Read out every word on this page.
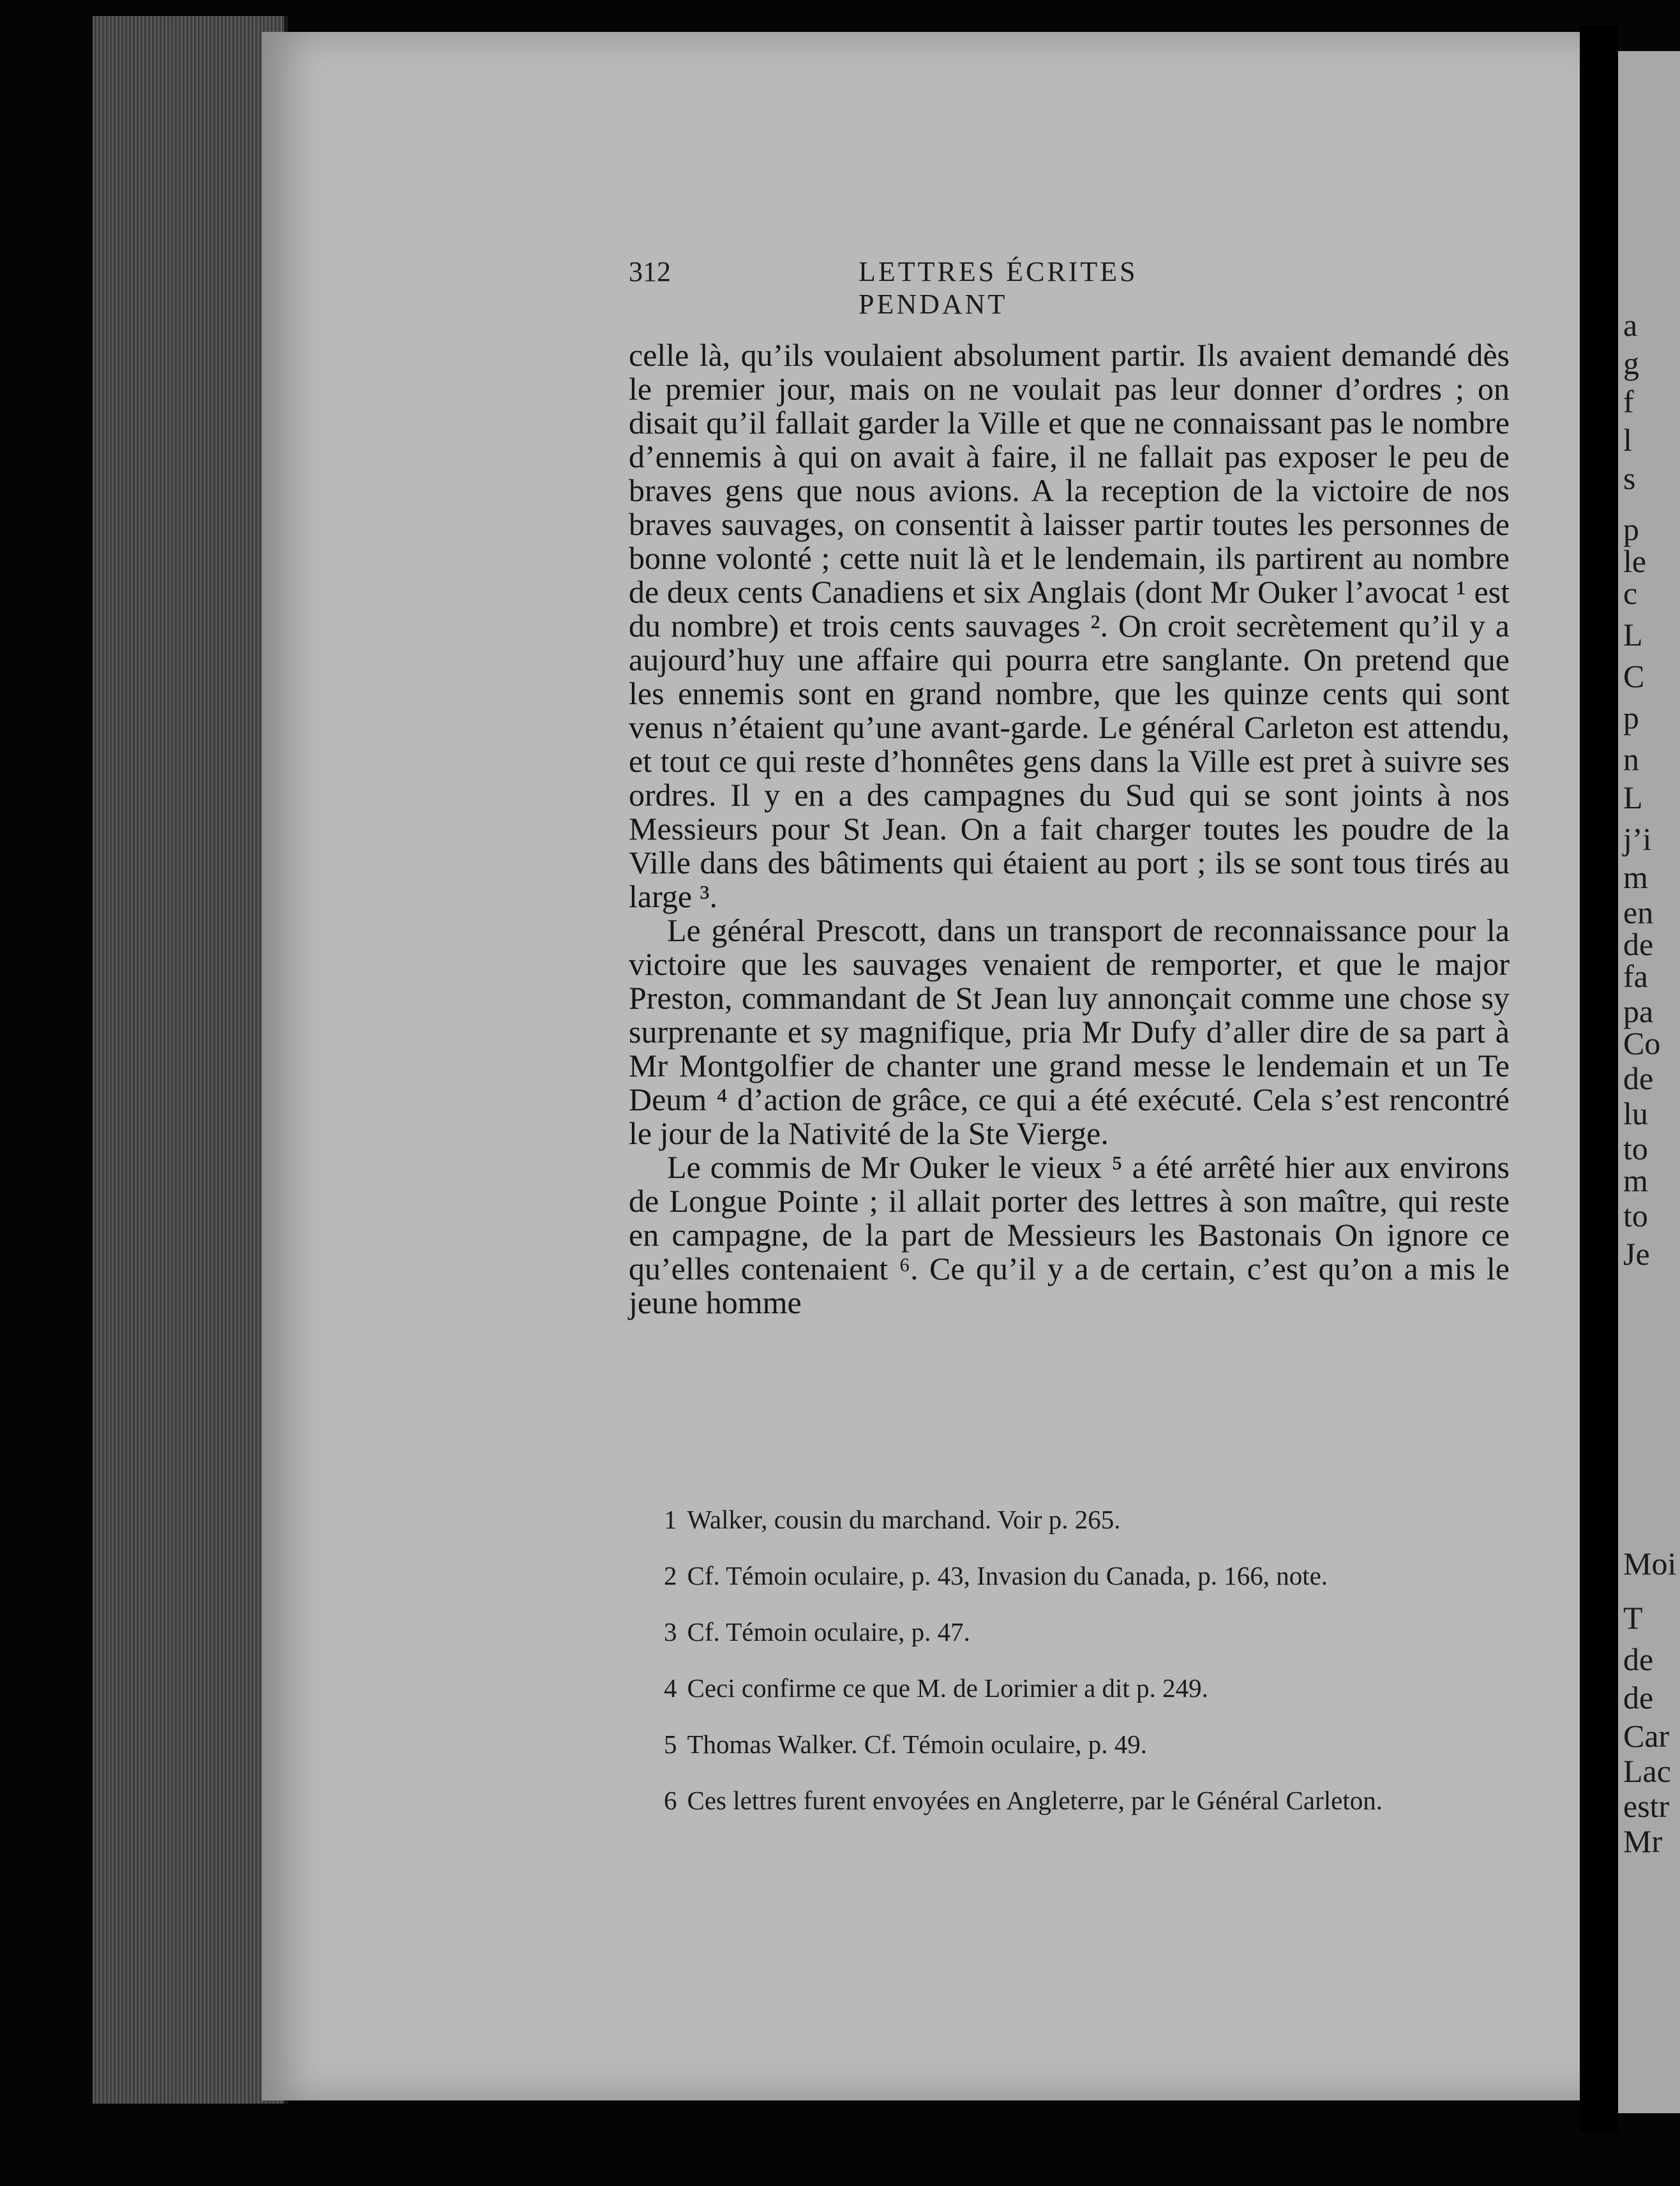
312	LETTRES ÉCRITES PENDANT

celle là, qu’ils voulaient absolument partir. Ils avaient demandé dès le premier jour, mais on ne voulait pas leur donner d’ordres ; on disait qu’il fallait garder la Ville et que ne connaissant pas le nombre d’ennemis à qui on avait à faire, il ne fallait pas exposer le peu de braves gens que nous avions. A la reception de la victoire de nos braves sauvages, on consentit à laisser partir toutes les personnes de bonne volonté ; cette nuit là et le lendemain, ils partirent au nombre de deux cents Canadiens et six Anglais (dont Mr Ouker l’avocat ¹ est du nombre) et trois cents sauvages ². On croit secrètement qu’il y a aujourd’huy une affaire qui pourra etre sanglante. On pretend que les ennemis sont en grand nombre, que les quinze cents qui sont venus n’étaient qu’une avant-garde. Le général Carleton est attendu, et tout ce qui reste d’honnêtes gens dans la Ville est pret à suivre ses ordres. Il y en a des campagnes du Sud qui se sont joints à nos Messieurs pour St Jean. On a fait charger toutes les poudre de la Ville dans des bâtiments qui étaient au port ; ils se sont tous tirés au large ³.

Le général Prescott, dans un transport de reconnaissance pour la victoire que les sauvages venaient de remporter, et que le major Preston, commandant de St Jean luy annonçait comme une chose sy surprenante et sy magnifique, pria Mr Dufy d’aller dire de sa part à Mr Montgolfier de chanter une grand messe le lendemain et un Te Deum ⁴ d’action de grâce, ce qui a été exécuté. Cela s’est rencontré le jour de la Nativité de la Ste Vierge.

Le commis de Mr Ouker le vieux ⁵ a été arrêté hier aux environs de Longue Pointe ; il allait porter des lettres à son maître, qui reste en campagne, de la part de Messieurs les Bastonais On ignore ce qu’elles contenaient ⁶. Ce qu’il y a de certain, c’est qu’on a mis le jeune homme

1 Walker, cousin du marchand. Voir p. 265.

2 Cf. Témoin oculaire, p. 43, Invasion du Canada, p. 166, note.

3 Cf. Témoin oculaire, p. 47.

4 Ceci confirme ce que M. de Lorimier a dit p. 249.

5 Thomas Walker. Cf. Témoin oculaire, p. 49.

6 Ces lettres furent envoyées en Angleterre, par le Général Carleton.

a
g
f
l
s
p
le
c
L
C
p
n
L
j’i
m
en
de
fa
pa
Co
de
lu
to
m
to
Je
Moi
T
de
de
Car
Lac
estr
Mr
